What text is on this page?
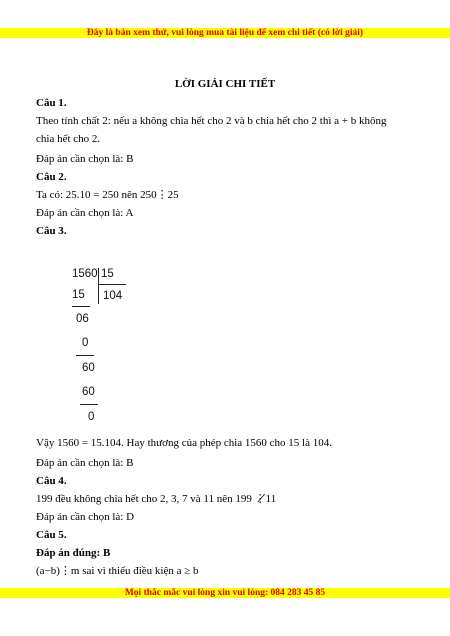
Đây là bản xem thử, vui lòng mua tài liệu để xem chi tiết (có lời giải)
LỜI GIẢI CHI TIẾT
Câu 1.
Theo tính chất 2: nếu a không chia hết cho 2 và b chia hết cho 2 thì a + b không
chia hết cho 2.
Đáp án cần chọn là: B
Câu 2.
Ta có: 25.10 = 250 nên 250⋮25
Đáp án cần chọn là: A
Câu 3.
1560 15
15 104
06
0
60
60
0
Vậy 1560 = 15.104. Hay thương của phép chia 1560 cho 15 là 104.
Đáp án cần chọn là: B
Câu 4.
199 đều không chia hết cho 2, 3, 7 và 11 nên 199 ⋮̸11
Đáp án cần chọn là: D
Câu 5.
Đáp án đúng: B
(a−b)⋮m sai vì thiếu điều kiện a ≥ b
Mọi thắc mắc vui lòng xin vui lòng: 084 283 45 85
